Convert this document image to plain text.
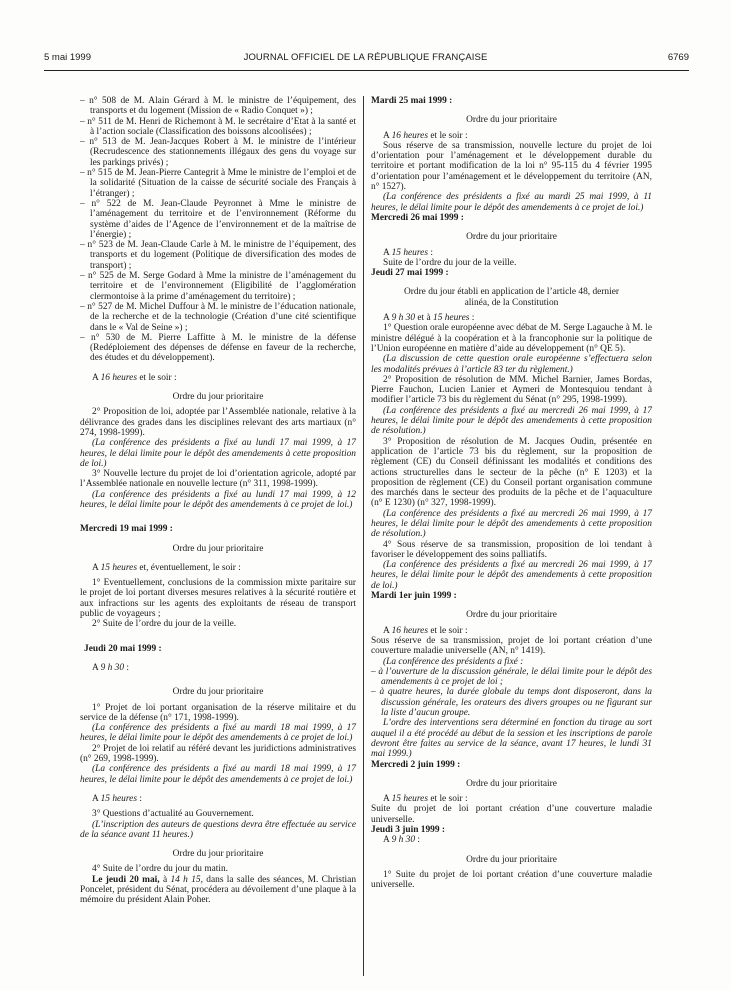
5 mai 1999	JOURNAL OFFICIEL DE LA RÉPUBLIQUE FRANÇAISE	6769

– n° 508 de M. Alain Gérard à M. le ministre de l’équipement, des transports et du logement (Mission de « Radio Conquet ») ;

– n° 511 de M. Henri de Richemont à M. le secrétaire d’Etat à la santé et à l’action sociale (Classification des boissons alcoolisées) ;

– n° 513 de M. Jean-Jacques Robert à M. le ministre de l’intérieur (Recrudescence des stationnements illégaux des gens du voyage sur les parkings privés) ;

– n° 515 de M. Jean-Pierre Cantegrit à Mme le ministre de l’emploi et de la solidarité (Situation de la caisse de sécurité sociale des Français à l’étranger) ;

– n° 522 de M. Jean-Claude Peyronnet à Mme le ministre de l’aménagement du territoire et de l’environnement (Réforme du système d’aides de l’Agence de l’environnement et de la maîtrise de l’énergie) ;

– n° 523 de M. Jean-Claude Carle à M. le ministre de l’équipement, des transports et du logement (Politique de diversification des modes de transport) ;

– n° 525 de M. Serge Godard à Mme la ministre de l’aménagement du territoire et de l’environnement (Eligibilité de l’agglomération clermontoise à la prime d’aménagement du territoire) ;

– n° 527 de M. Michel Duffour à M. le ministre de l’éducation nationale, de la recherche et de la technologie (Création d’une cité scientifique dans le « Val de Seine ») ;

– n° 530 de M. Pierre Laffitte à M. le ministre de la défense (Redéploiement des dépenses de défense en faveur de la recherche, des études et du développement).

A 16 heures et le soir :

Ordre du jour prioritaire

2° Proposition de loi, adoptée par l’Assemblée nationale, relative à la délivrance des grades dans les disciplines relevant des arts martiaux (n° 274, 1998-1999).

(La conférence des présidents a fixé au lundi 17 mai 1999, à 17 heures, le délai limite pour le dépôt des amendements à cette proposition de loi.)

3° Nouvelle lecture du projet de loi d’orientation agricole, adopté par l’Assemblée nationale en nouvelle lecture (n° 311, 1998-1999).

(La conférence des présidents a fixé au lundi 17 mai 1999, à 12 heures, le délai limite pour le dépôt des amendements à ce projet de loi.)

Mercredi 19 mai 1999 :

Ordre du jour prioritaire

A 15 heures et, éventuellement, le soir :

1° Eventuellement, conclusions de la commission mixte paritaire sur le projet de loi portant diverses mesures relatives à la sécurité routière et aux infractions sur les agents des exploitants de réseau de transport public de voyageurs ;

2° Suite de l’ordre du jour de la veille.

Jeudi 20 mai 1999 :

A 9 h 30 :

Ordre du jour prioritaire

1° Projet de loi portant organisation de la réserve militaire et du service de la défense (n° 171, 1998-1999).

(La conférence des présidents a fixé au mardi 18 mai 1999, à 17 heures, le délai limite pour le dépôt des amendements à ce projet de loi.)

2° Projet de loi relatif au référé devant les juridictions administratives (n° 269, 1998-1999).

(La conférence des présidents a fixé au mardi 18 mai 1999, à 17 heures, le délai limite pour le dépôt des amendements à ce projet de loi.)

A 15 heures :

3° Questions d’actualité au Gouvernement.

(L’inscription des auteurs de questions devra être effectuée au service de la séance avant 11 heures.)

Ordre du jour prioritaire

4° Suite de l’ordre du jour du matin.

Le jeudi 20 mai, à 14 h 15, dans la salle des séances, M. Christian Poncelet, président du Sénat, procédera au dévoilement d’une plaque à la mémoire du président Alain Poher.

Mardi 25 mai 1999 :

Ordre du jour prioritaire

A 16 heures et le soir :

Sous réserve de sa transmission, nouvelle lecture du projet de loi d’orientation pour l’aménagement et le développement durable du territoire et portant modification de la loi n° 95-115 du 4 février 1995 d’orientation pour l’aménagement et le développement du territoire (AN, n° 1527).

(La conférence des présidents a fixé au mardi 25 mai 1999, à 11 heures, le délai limite pour le dépôt des amendements à ce projet de loi.)

Mercredi 26 mai 1999 :

Ordre du jour prioritaire

A 15 heures :

Suite de l’ordre du jour de la veille.

Jeudi 27 mai 1999 :

Ordre du jour établi en application de l’article 48, dernier alinéa, de la Constitution

A 9 h 30 et à 15 heures :

1° Question orale européenne avec débat de M. Serge Lagauche à M. le ministre délégué à la coopération et à la francophonie sur la politique de l’Union européenne en matière d’aide au développement (n° QE 5).

(La discussion de cette question orale européenne s’effectuera selon les modalités prévues à l’article 83 ter du règlement.)

2° Proposition de résolution de MM. Michel Barnier, James Bordas, Pierre Fauchon, Lucien Lanier et Aymeri de Montesquiou tendant à modifier l’article 73 bis du règlement du Sénat (n° 295, 1998-1999).

(La conférence des présidents a fixé au mercredi 26 mai 1999, à 17 heures, le délai limite pour le dépôt des amendements à cette proposition de résolution.)

3° Proposition de résolution de M. Jacques Oudin, présentée en application de l’article 73 bis du règlement, sur la proposition de règlement (CE) du Conseil définissant les modalités et conditions des actions structurelles dans le secteur de la pêche (n° E 1203) et la proposition de règlement (CE) du Conseil portant organisation commune des marchés dans le secteur des produits de la pêche et de l’aquaculture (n° E 1230) (n° 327, 1998-1999).

(La conférence des présidents a fixé au mercredi 26 mai 1999, à 17 heures, le délai limite pour le dépôt des amendements à cette proposition de résolution.)

4° Sous réserve de sa transmission, proposition de loi tendant à favoriser le développement des soins palliatifs.

(La conférence des présidents a fixé au mercredi 26 mai 1999, à 17 heures, le délai limite pour le dépôt des amendements à cette proposition de loi.)

Mardi 1er juin 1999 :

Ordre du jour prioritaire

A 16 heures et le soir :

Sous réserve de sa transmission, projet de loi portant création d’une couverture maladie universelle (AN, n° 1419).

(La conférence des présidents a fixé :

– à l’ouverture de la discussion générale, le délai limite pour le dépôt des amendements à ce projet de loi ;

– à quatre heures, la durée globale du temps dont disposeront, dans la discussion générale, les orateurs des divers groupes ou ne figurant sur la liste d’aucun groupe.

L’ordre des interventions sera déterminé en fonction du tirage au sort auquel il a été procédé au début de la session et les inscriptions de parole devront être faites au service de la séance, avant 17 heures, le lundi 31 mai 1999.)

Mercredi 2 juin 1999 :

Ordre du jour prioritaire

A 15 heures et le soir :

Suite du projet de loi portant création d’une couverture maladie universelle.

Jeudi 3 juin 1999 :

A 9 h 30 :

Ordre du jour prioritaire

1° Suite du projet de loi portant création d’une couverture maladie universelle.
